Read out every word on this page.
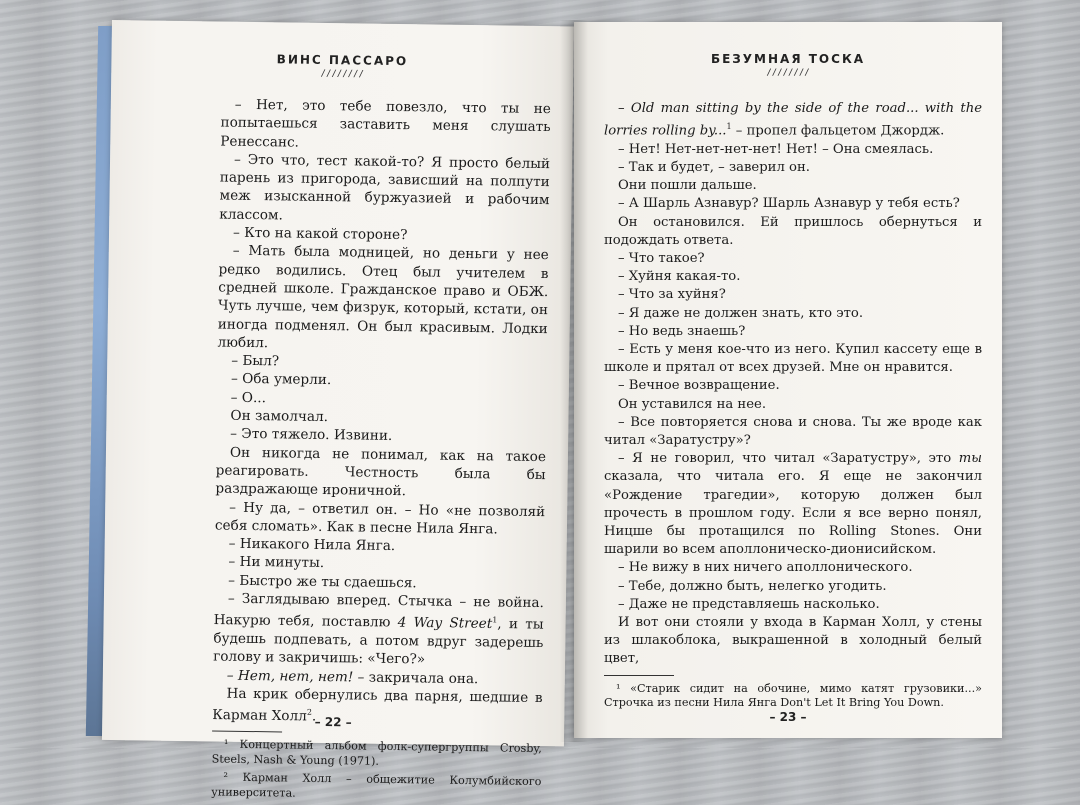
ВИНС ПАССАРО
////////

– Нет, это тебе повезло, что ты не попытаешься заставить меня слушать Ренессанс.

– Это что, тест какой-то? Я просто белый парень из пригорода, зависший на полпути меж изысканной буржуазией и рабочим классом.

– Кто на какой стороне?

– Мать была модницей, но деньги у нее редко водились. Отец был учителем в средней школе. Гражданское право и ОБЖ. Чуть лучше, чем физрук, который, кстати, он иногда подменял. Он был красивым. Лодки любил.

– Был?

– Оба умерли.

– О...

Он замолчал.

– Это тяжело. Извини.

Он никогда не понимал, как на такое реагировать. Честность была бы раздражающе ироничной.

– Ну да, – ответил он. – Но «не позволяй себя сломать». Как в песне Нила Янга.

– Никакого Нила Янга.

– Ни минуты.

– Быстро же ты сдаешься.

– Заглядываю вперед. Стычка – не война. Накурю тебя, поставлю 4 Way Street$^1$, и ты будешь подпевать, а потом вдруг задерешь голову и закричишь: «Чего?»

– Нет, нет, нет! – закричала она.

На крик обернулись два парня, шедшие в Карман Холл$^2$.

¹ Концертный альбом фолк-супергруппы Crosby, Steels, Nash & Young (1971).

² Карман Холл – общежитие Колумбийского университета.

– 22 –
БЕЗУМНАЯ ТОСКА
////////

– Old man sitting by the side of the road... with the lorries rolling by...$^1$ – пропел фальцетом Джордж.

– Нет! Нет-нет-нет-нет! Нет! – Она смеялась.

– Так и будет, – заверил он.

Они пошли дальше.

– А Шарль Азнавур? Шарль Азнавур у тебя есть?

Он остановился. Ей пришлось обернуться и подождать ответа.

– Что такое?

– Хуйня какая-то.

– Что за хуйня?

– Я даже не должен знать, кто это.

– Но ведь знаешь?

– Есть у меня кое-что из него. Купил кассету еще в школе и прятал от всех друзей. Мне он нравится.

– Вечное возвращение.

Он уставился на нее.

– Все повторяется снова и снова. Ты же вроде как читал «Заратустру»?

– Я не говорил, что читал «Заратустру», это ты сказала, что читала его. Я еще не закончил «Рождение трагедии», которую должен был прочесть в прошлом году. Если я все верно понял, Ницше бы протащился по Rolling Stones. Они шарили во всем аполлоническо-дионисийском.

– Не вижу в них ничего аполлонического.

– Тебе, должно быть, нелегко угодить.

– Даже не представляешь насколько.

И вот они стояли у входа в Карман Холл, у стены из шлакоблока, выкрашенной в холодный белый цвет,

¹ «Старик сидит на обочине, мимо катят грузовики...» Строчка из песни Нила Янга Don't Let It Bring You Down.

– 23 –
